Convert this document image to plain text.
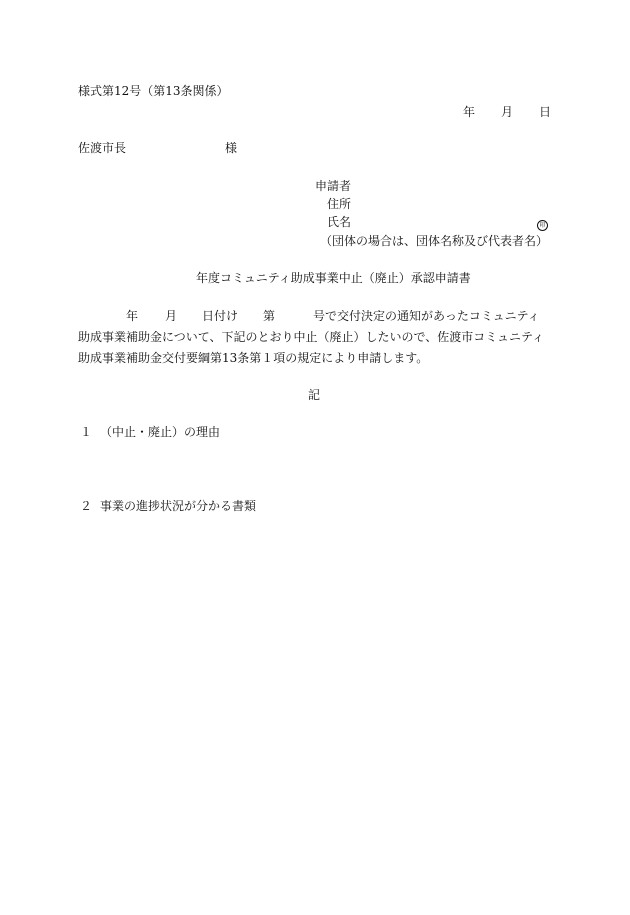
様式第12号（第13条関係）
年 月 日
佐渡市長	様
申請者
住所
氏名	印
（団体の場合は、団体名称及び代表者名）
年度コミュニティ助成事業中止（廃止）承認申請書
年 月 日付け 第	号で交付決定の通知があったコミュニティ
助成事業補助金について、下記のとおり中止（廃止）したいので、佐渡市コミュニティ
助成事業補助金交付要綱第13条第１項の規定により申請します。
記
１ （中止・廃止）の理由
２ 事業の進捗状況が分かる書類
